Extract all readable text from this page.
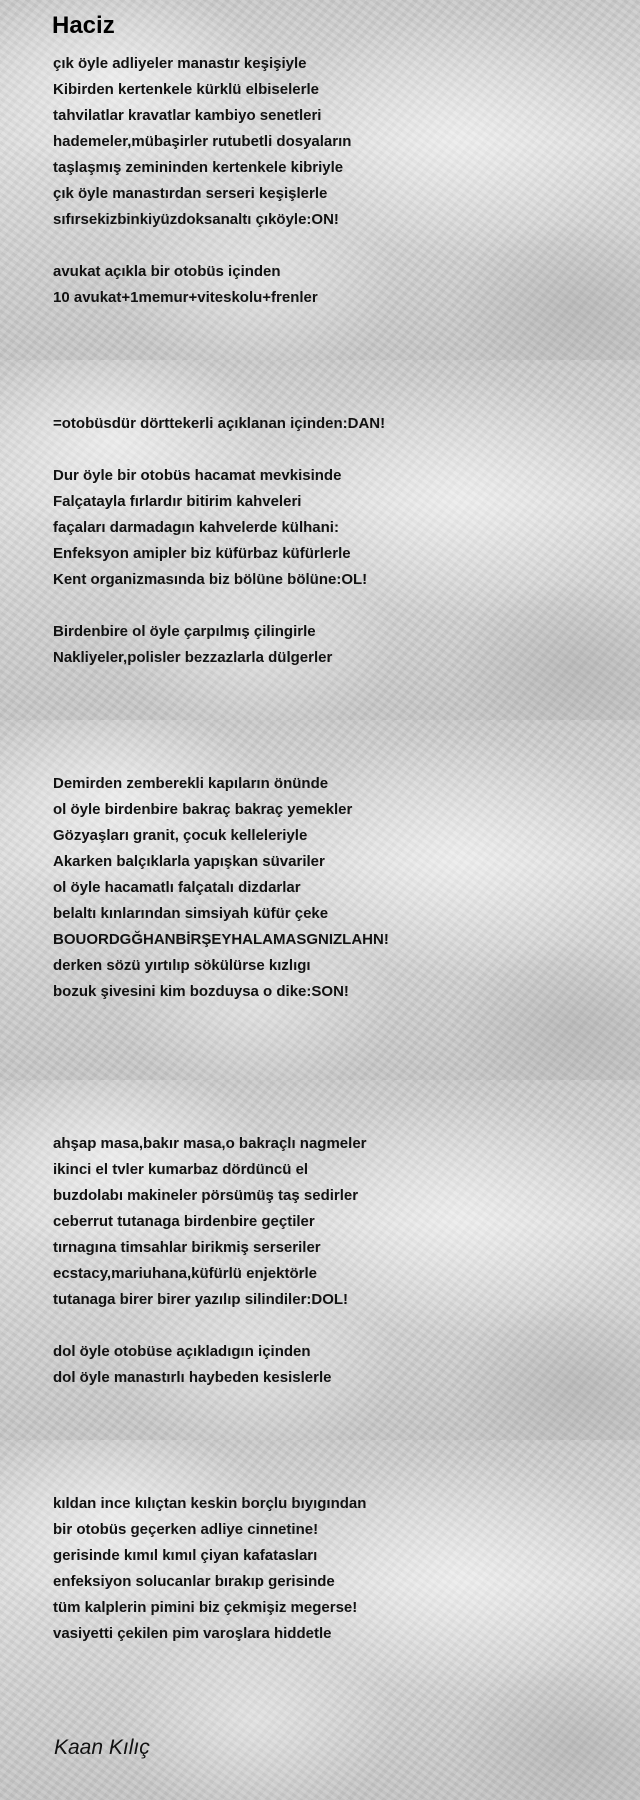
Haciz
çık öyle adliyeler manastır keşişiyle
Kibirden kertenkele kürklü elbiselerle
tahvilatlar kravatlar kambiyo senetleri
hademeler,mübaşirler rutubetli dosyaların
taşlaşmış zemininden kertenkele kibriyle
çık öyle manastırdan serseri keşişlerle
sıfırsekizbinkiyüzdoksanaltı çıköyle:ON!
avukat açıkla bir otobüs içinden
10 avukat+1memur+viteskolu+frenler
=otobüsdür dörttekerli açıklanan içinden:DAN!
Dur öyle bir otobüs hacamat mevkisinde
Falçatayla fırlardır bitirim kahveleri
façaları darmadagın kahvelerde külhani:
Enfeksyon amipler biz küfürbaz küfürlerle
Kent organizmasında biz bölüne bölüne:OL!
Birdenbire ol öyle çarpılmış çilingirle
Nakliyeler,polisler bezzazlarla dülgerler
Demirden zemberekli kapıların önünde
ol öyle birdenbire bakraç bakraç yemekler
Gözyaşları granit, çocuk kelleleriyle
Akarken balçıklarla yapışkan süvariler
ol öyle hacamatlı falçatalı dizdarlar
belaltı kınlarından simsiyah küfür çeke
BOUORDGĞHANBİRŞEYHALAMASGNIZLAHN!
derken sözü yırtılıp sökülürse kızlıgı
bozuk şivesini kim bozduysa o dike:SON!
ahşap masa,bakır masa,o bakraçlı nagmeler
ikinci el tvler kumarbaz dördüncü el
buzdolabı makineler pörsümüş taş sedirler
ceberrut tutanaga birdenbire geçtiler
tırnagına timsahlar birikmiş serseriler
ecstacy,mariuhana,küfürlü enjektörle
tutanaga birer birer yazılıp silindiler:DOL!
dol öyle otobüse açıkladıgın içinden
dol öyle manastırlı haybeden kesislerle
kıldan ince kılıçtan keskin borçlu bıyıgından
bir otobüs geçerken adliye cinnetine!
gerisinde kımıl kımıl çiyan kafatasları
enfeksiyon solucanlar bırakıp gerisinde
tüm kalplerin pimini biz çekmişiz megerse!
vasiyetti çekilen pim varoşlara hiddetle
Kaan Kılıç
